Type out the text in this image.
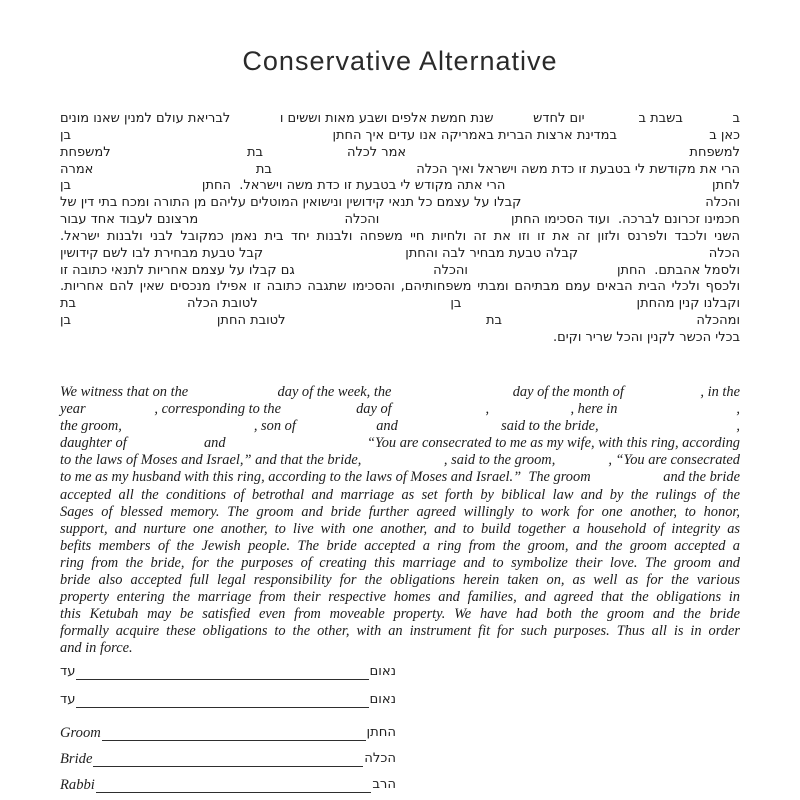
Conservative Alternative
ב
בשבת ב
יום לחדש
שנת חמשת אלפים ושבע מאות וששים ו
לבריאת עולם למנין שאנו מונים
כאן ב
במדינת ארצות הברית באמריקה אנו עדים איך החתן
בן
למשפחת
אמר לכלה
בת
למשפחת
הרי את מקודשת לי בטבעת זו כדת משה וישראל ואיך הכלה
בת
אמרה
לחתן
הרי אתה מקודש לי בטבעת זו כדת משה וישראל.  החתן
בן
והכלה
קבלו על עצמם כל תנאי קידושין ונישואין המוטלים עליהם מן התורה ומכח בתי דין של
חכמינו זכרונם לברכה.  ועוד הסכימו החתן
והכלה
מרצונם לעבוד אחד עבור
השני ולכבד ולפרנס ולזון זה את זו וזו את זה ולחיות חיי משפחה ולבנות יחד בית נאמן כמקובל לבני ולבנות ישראל.
הכלה
קבלה טבעת מבחיר לבה והחתן
קבל טבעת מבחירת לבו לשם קידושין
ולסמל אהבתם.  החתן
והכלה
גם קבלו על עצמם אחריות לתנאי כתובה זו
ולכסף ולכלי הבית הבאים עמם מבתיהם ומבתי משפחותיהם, והסכימו שתגבה כתובה זו אפילו מנכסים שאין להם אחריות.
וקבלנו קנין מהחתן
בן
לטובת הכלה
בת
ומהכלה
בת
לטובת החתן
בן
בכלי הכשר לקנין והכל שריר וקים.
We witness that on the	day of the week, the	day of the month of	, in the
year	, corresponding to the	day of	,	, here in	,
the groom,	, son of	and	said to the bride,	,
daughter of	and	“You are consecrated to me as my wife, with this ring, according
to the laws of Moses and Israel,” and that the bride,	, said to the groom,	, “You are consecrated
to me as my husband with this ring, according to the laws of Moses and Israel.”  The groom	and the bride
accepted all the conditions of betrothal and marriage as set forth by biblical law and by the rulings of the
Sages of blessed memory. The groom and bride further agreed willingly to work for one another, to honor,
support, and nurture one another, to live with one another, and to build together a household of integrity as
befits members of the Jewish people. The bride accepted a ring from the groom, and the groom accepted a
ring from the bride, for the purposes of creating this marriage and to symbolize their love. The groom and
bride also accepted full legal responsibility for the obligations herein taken on, as well as for the various
property entering the marriage from their respective homes and families, and agreed that the obligations in
this Ketubah may be satisfied even from moveable property. We have had both the groom and the bride
formally acquire these obligations to the other, with an instrument fit for such purposes. Thus all is in order
and in force.
עד	נאום
עד	נאום
Groom	החתן
Bride	הכלה
Rabbi	הרב
